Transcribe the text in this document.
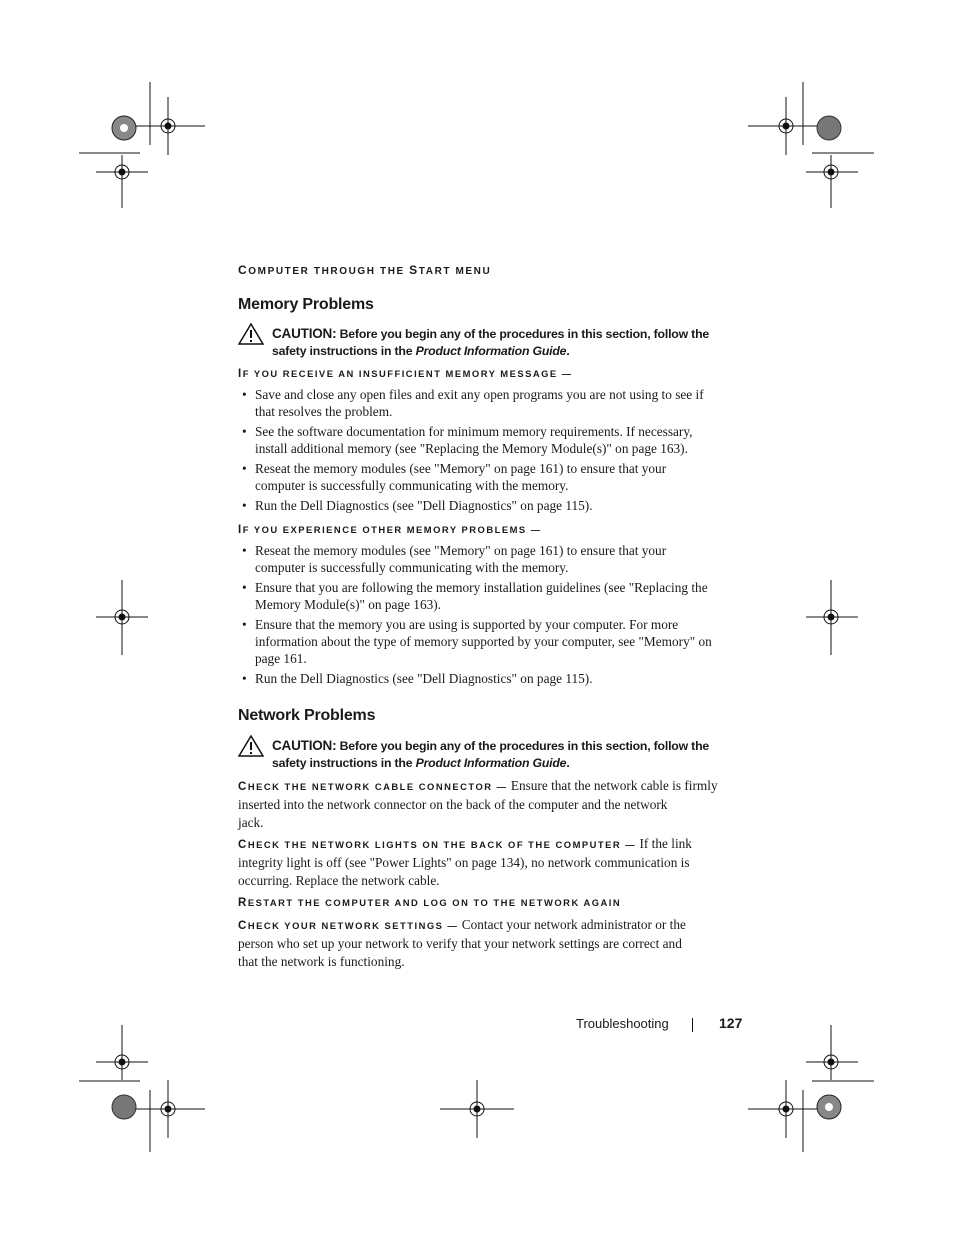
COMPUTER THROUGH THE START MENU
Memory Problems
CAUTION: Before you begin any of the procedures in this section, follow the
safety instructions in the Product Information Guide.
IF YOU RECEIVE AN INSUFFICIENT MEMORY MESSAGE —
• Save and close any open files and exit any open programs you are not using to see if
that resolves the problem.
• See the software documentation for minimum memory requirements. If necessary,
install additional memory (see "Replacing the Memory Module(s)" on page 163).
• Reseat the memory modules (see "Memory" on page 161) to ensure that your
computer is successfully communicating with the memory.
• Run the Dell Diagnostics (see "Dell Diagnostics" on page 115).
IF YOU EXPERIENCE OTHER MEMORY PROBLEMS —
• Reseat the memory modules (see "Memory" on page 161) to ensure that your
computer is successfully communicating with the memory.
• Ensure that you are following the memory installation guidelines (see "Replacing the
Memory Module(s)" on page 163).
• Ensure that the memory you are using is supported by your computer. For more
information about the type of memory supported by your computer, see "Memory" on
page 161.
• Run the Dell Diagnostics (see "Dell Diagnostics" on page 115).
Network Problems
CAUTION: Before you begin any of the procedures in this section, follow the
safety instructions in the Product Information Guide.

CHECK THE NETWORK CABLE CONNECTOR — Ensure that the network cable is firmly
inserted into the network connector on the back of the computer and the network
jack.

CHECK THE NETWORK LIGHTS ON THE BACK OF THE COMPUTER — If the link
integrity light is off (see "Power Lights" on page 134), no network communication is
occurring. Replace the network cable.

RESTART THE COMPUTER AND LOG ON TO THE NETWORK AGAIN

CHECK YOUR NETWORK SETTINGS — Contact your network administrator or the
person who set up your network to verify that your network settings are correct and
that the network is functioning.

Troubleshooting	127
